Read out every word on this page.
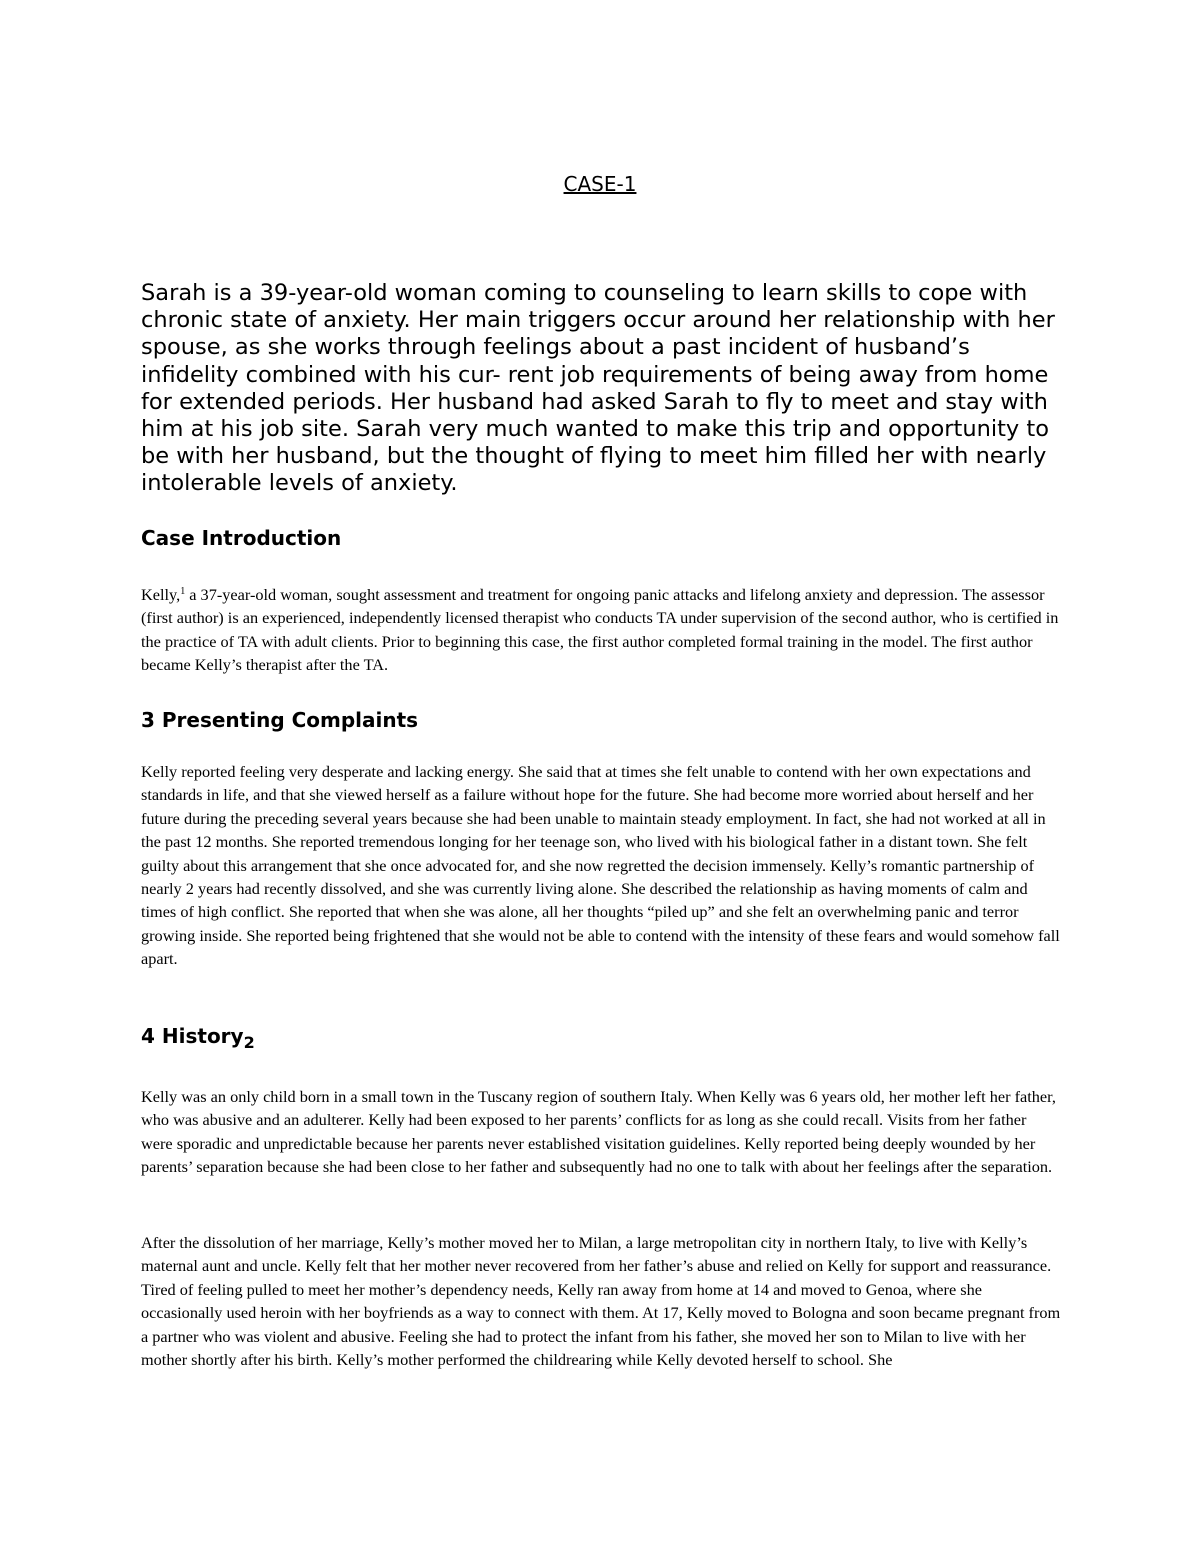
CASE-1

Sarah is a 39-year-old woman coming to counseling to learn skills to cope with chronic state of anxiety. Her main triggers occur around her relationship with her spouse, as she works through feelings about a past incident of husband’s infidelity combined with his cur- rent job requirements of being away from home for extended periods. Her husband had asked Sarah to fly to meet and stay with him at his job site. Sarah very much wanted to make this trip and opportunity to be with her husband, but the thought of flying to meet him filled her with nearly intolerable levels of anxiety.

Case Introduction

Kelly,$^1$ a 37-year-old woman, sought assessment and treatment for ongoing panic attacks and lifelong anxiety and depression. The assessor (first author) is an experienced, independently licensed therapist who conducts TA under supervision of the second author, who is certified in the practice of TA with adult clients. Prior to beginning this case, the first author completed formal training in the model. The first author became Kelly’s therapist after the TA.

3 Presenting Complaints

Kelly reported feeling very desperate and lacking energy. She said that at times she felt unable to contend with her own expectations and standards in life, and that she viewed herself as a failure without hope for the future. She had become more worried about herself and her future during the preceding several years because she had been unable to maintain steady employment. In fact, she had not worked at all in the past 12 months. She reported tremendous longing for her teenage son, who lived with his biological father in a distant town. She felt guilty about this arrangement that she once advocated for, and she now regretted the decision immensely. Kelly’s romantic partnership of nearly 2 years had recently dissolved, and she was currently living alone. She described the relationship as having moments of calm and times of high conflict. She reported that when she was alone, all her thoughts “piled up” and she felt an overwhelming panic and terror growing inside. She reported being frightened that she would not be able to contend with the intensity of these fears and would somehow fall apart.

4 History$_2$

Kelly was an only child born in a small town in the Tuscany region of southern Italy. When Kelly was 6 years old, her mother left her father, who was abusive and an adulterer. Kelly had been exposed to her parents’ conflicts for as long as she could recall. Visits from her father were sporadic and unpredictable because her parents never established visitation guidelines. Kelly reported being deeply wounded by her parents’ separation because she had been close to her father and subsequently had no one to talk with about her feelings after the separation.

After the dissolution of her marriage, Kelly’s mother moved her to Milan, a large metropolitan city in northern Italy, to live with Kelly’s maternal aunt and uncle. Kelly felt that her mother never recovered from her father’s abuse and relied on Kelly for support and reassurance. Tired of feeling pulled to meet her mother’s dependency needs, Kelly ran away from home at 14 and moved to Genoa, where she occasionally used heroin with her boyfriends as a way to connect with them. At 17, Kelly moved to Bologna and soon became pregnant from a partner who was violent and abusive. Feeling she had to protect the infant from his father, she moved her son to Milan to live with her mother shortly after his birth. Kelly’s mother performed the childrearing while Kelly devoted herself to school. She
